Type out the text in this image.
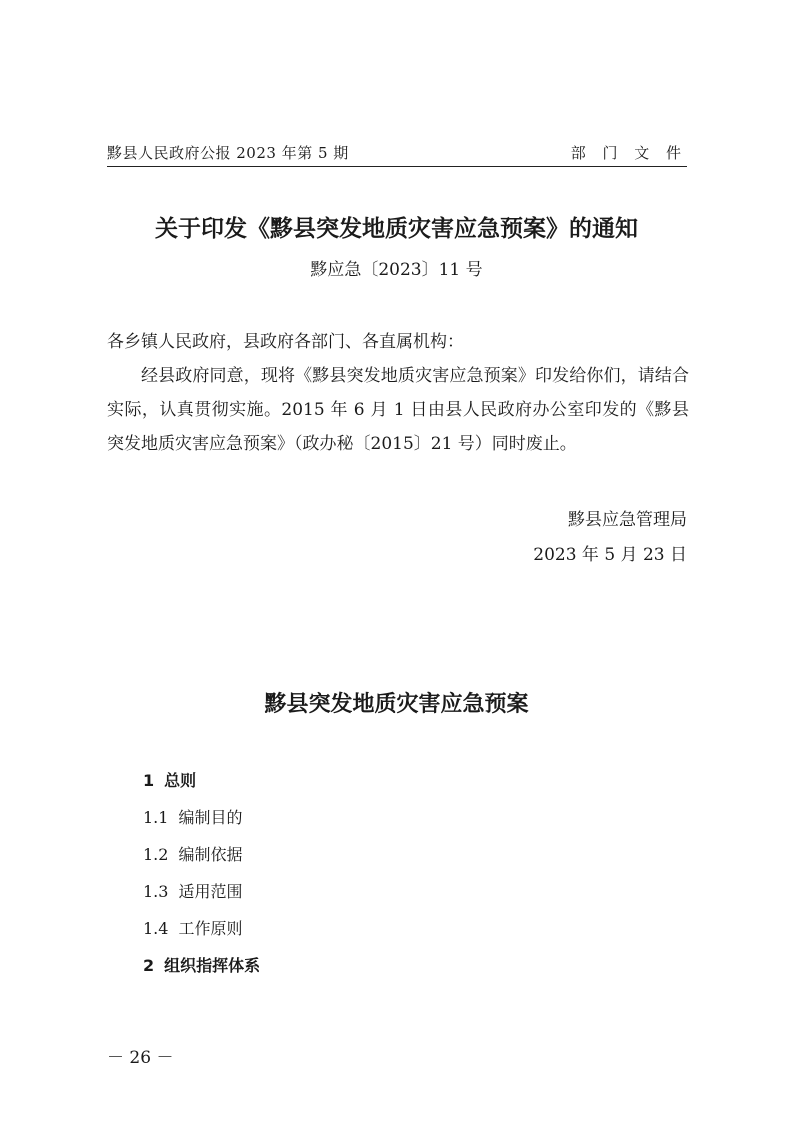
黟县人民政府公报 2023 年第 5 期	部 门 文 件
关于印发《黟县突发地质灾害应急预案》的通知
黟应急〔2023〕11 号
各乡镇人民政府，县政府各部门、各直属机构：
经县政府同意，现将《黟县突发地质灾害应急预案》印发给你们，请结合实际，认真贯彻实施。2015 年 6 月 1 日由县人民政府办公室印发的《黟县突发地质灾害应急预案》（政办秘〔2015〕21 号）同时废止。
黟县应急管理局
2023 年 5 月 23 日
黟县突发地质灾害应急预案
1 总则
1.1 编制目的
1.2 编制依据
1.3 适用范围
1.4 工作原则
2 组织指挥体系
－ 26 －
